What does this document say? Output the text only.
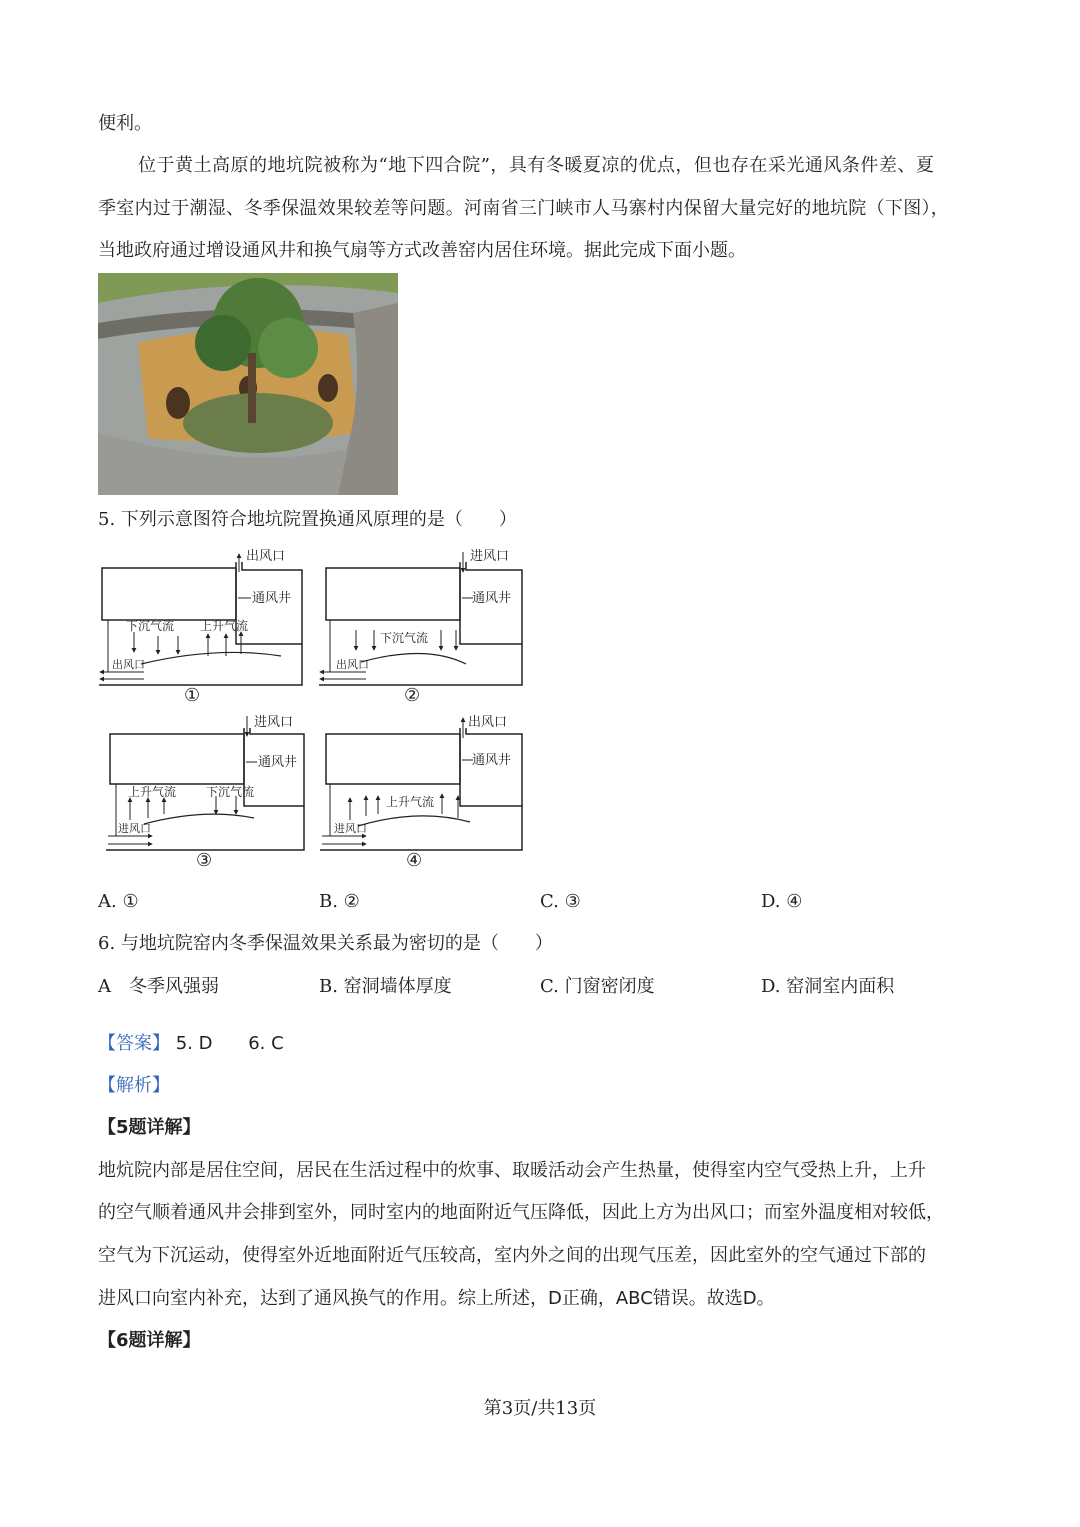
便利。
位于黄土高原的地坑院被称为“地下四合院”，具有冬暖夏凉的优点，但也存在采光通风条件差、夏
季室内过于潮湿、冬季保温效果较差等问题。河南省三门峡市人马寨村内保留大量完好的地坑院（下图），
当地政府通过增设通风井和换气扇等方式改善窑内居住环境。据此完成下面小题。
5. 下列示意图符合地坑院置换通风原理的是（　　）
出风口
通风井
下沉气流 上升气流
出风口
①
进风口
通风井
下沉气流
出风口
②
进风口
通风井
上升气流 下沉气流
进风口
③
出风口
通风井
上升气流
进风口
④
A. ①	B. ②	C. ③	D. ④
6. 与地坑院窑内冬季保温效果关系最为密切的是（　　）
A　冬季风强弱	B. 窑洞墙体厚度	C. 门窗密闭度	D. 窑洞室内面积
【答案】 5. D 6. C
【解析】
【5题详解】
地炕院内部是居住空间，居民在生活过程中的炊事、取暖活动会产生热量，使得室内空气受热上升，上升
的空气顺着通风井会排到室外，同时室内的地面附近气压降低，因此上方为出风口；而室外温度相对较低，
空气为下沉运动，使得室外近地面附近气压较高，室内外之间的出现气压差，因此室外的空气通过下部的
进风口向室内补充，达到了通风换气的作用。综上所述，D正确，ABC错误。故选D。
【6题详解】
第3页/共13页
